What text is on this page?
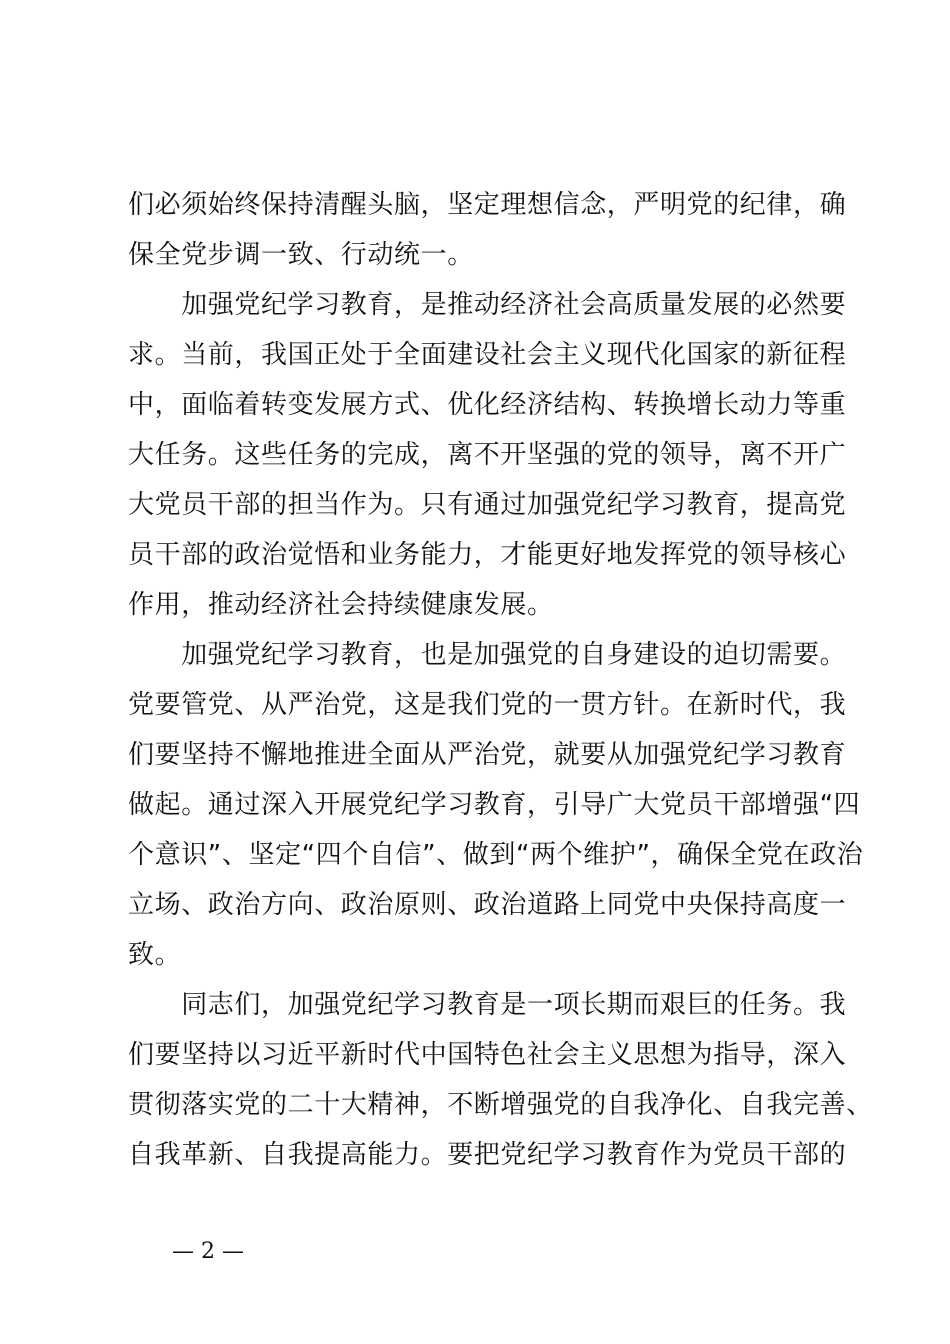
们必须始终保持清醒头脑，坚定理想信念，严明党的纪律，确
保全党步调一致、行动统一。
　　加强党纪学习教育，是推动经济社会高质量发展的必然要
求。当前，我国正处于全面建设社会主义现代化国家的新征程
中，面临着转变发展方式、优化经济结构、转换增长动力等重
大任务。这些任务的完成，离不开坚强的党的领导，离不开广
大党员干部的担当作为。只有通过加强党纪学习教育，提高党
员干部的政治觉悟和业务能力，才能更好地发挥党的领导核心
作用，推动经济社会持续健康发展。
　　加强党纪学习教育，也是加强党的自身建设的迫切需要。
党要管党、从严治党，这是我们党的一贯方针。在新时代，我
们要坚持不懈地推进全面从严治党，就要从加强党纪学习教育
做起。通过深入开展党纪学习教育，引导广大党员干部增强“四
个意识”、坚定“四个自信”、做到“两个维护”，确保全党在政治
立场、政治方向、政治原则、政治道路上同党中央保持高度一
致。
　　同志们，加强党纪学习教育是一项长期而艰巨的任务。我
们要坚持以习近平新时代中国特色社会主义思想为指导，深入
贯彻落实党的二十大精神，不断增强党的自我净化、自我完善、
自我革新、自我提高能力。要把党纪学习教育作为党员干部的
— 2 —
